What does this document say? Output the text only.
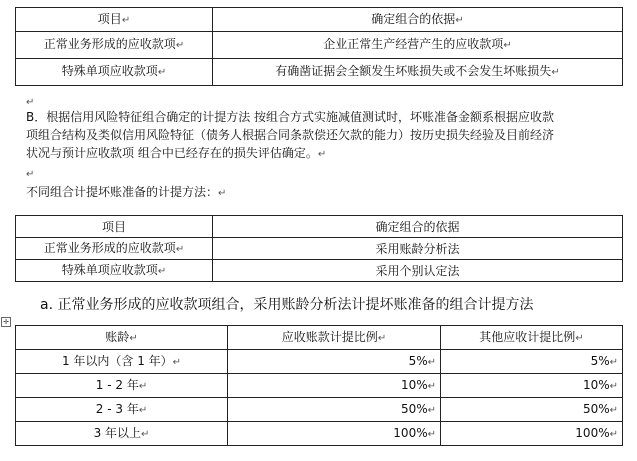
项目↵	确定组合的依据↵
正常业务形成的应收款项↵	企业正常生产经营产生的应收款项↵
特殊单项应收款项↵	有确凿证据会全额发生坏账损失或不会发生坏账损失↵
↵
B．根据信用风险特征组合确定的计提方法 按组合方式实施减值测试时，坏账准备金额系根据应收款
项组合结构及类似信用风险特征（债务人根据合同条款偿还欠款的能力）按历史损失经验及目前经济
状况与预计应收款项 组合中已经存在的损失评估确定。↵
↵
不同组合计提坏账准备的计提方法：↵
项目	确定组合的依据
正常业务形成的应收款项↵	采用账龄分析法
特殊单项应收款项↵	采用个别认定法
a. 正常业务形成的应收款项组合，采用账龄分析法计提坏账准备的组合计提方法
✛
账龄↵	应收账款计提比例↵	其他应收计提比例↵
1 年以内（含 1 年）↵	5%↵	5%↵
1 - 2 年↵	10%↵	10%↵
2 - 3 年↵	50%↵	50%↵
3 年以上↵	100%↵	100%↵
